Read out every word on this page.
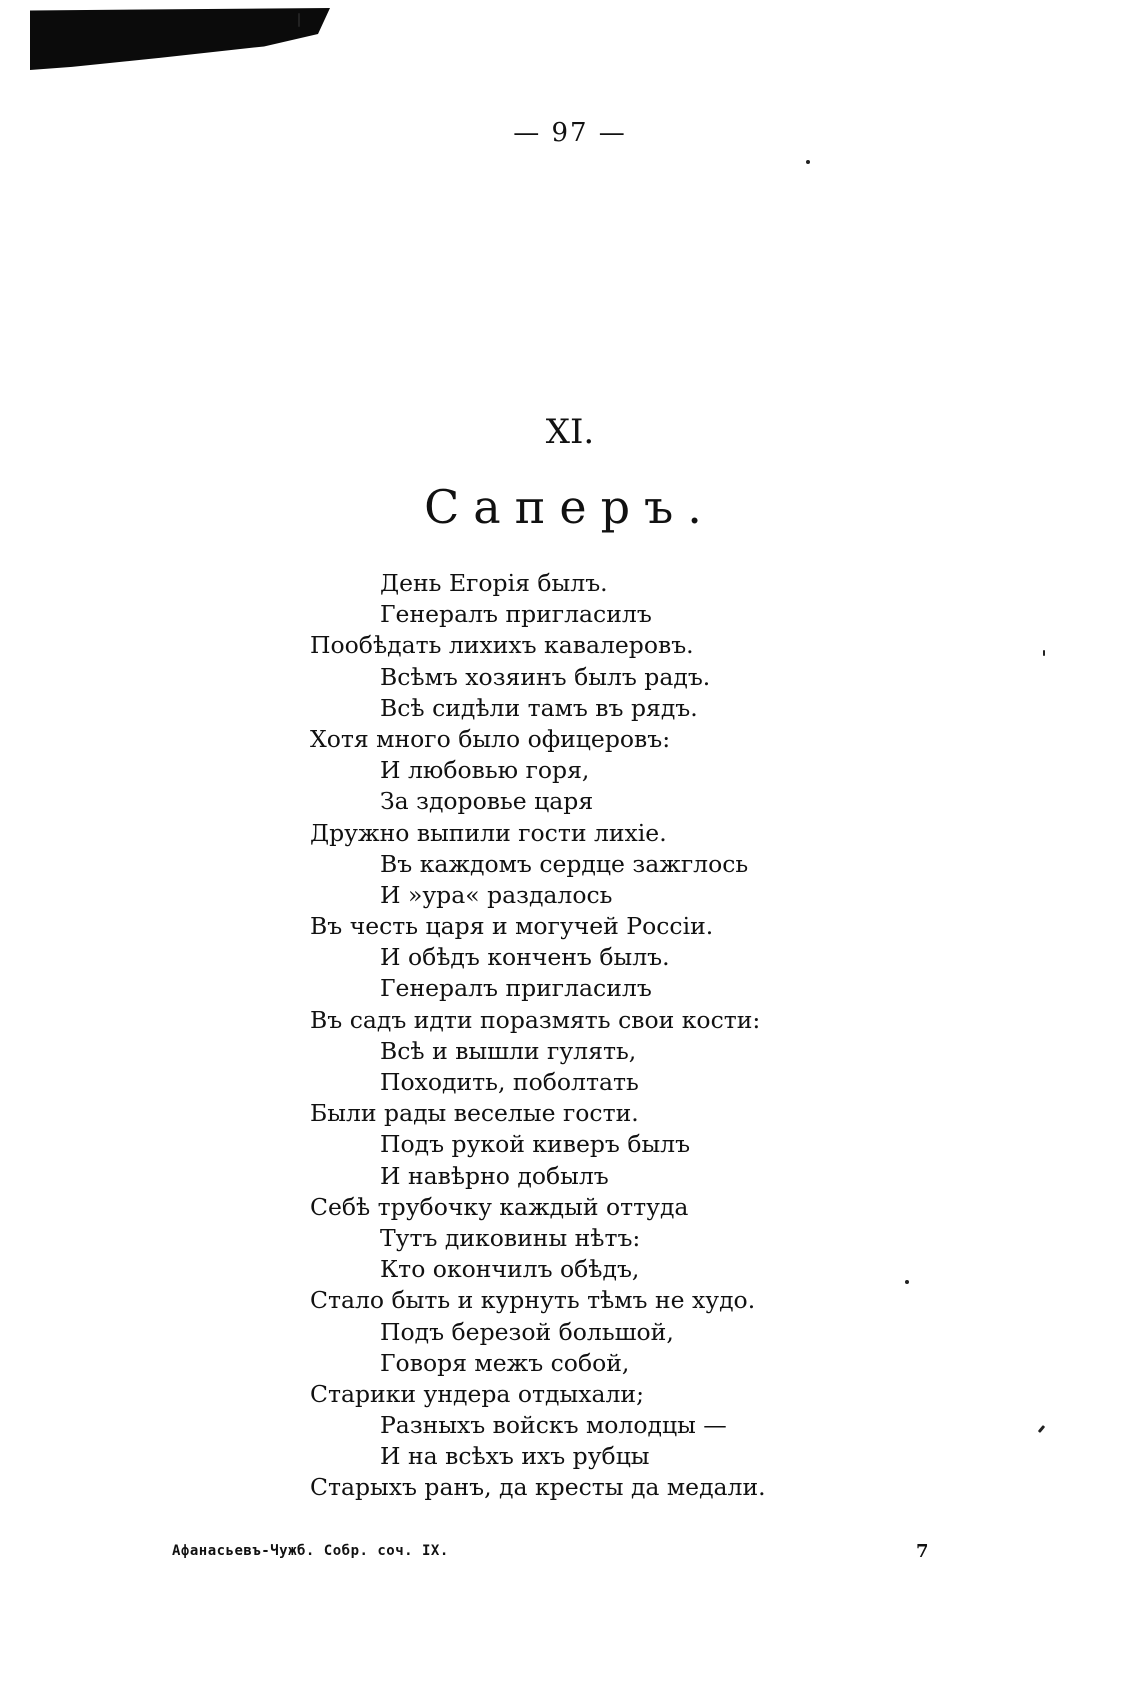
— 97 —
XI.
Саперъ.
День Егорія былъ.
Генералъ пригласилъ
Пообѣдать лихихъ кавалеровъ.
Всѣмъ хозяинъ былъ радъ.
Всѣ сидѣли тамъ въ рядъ.
Хотя много было офицеровъ:
И любовью горя,
За здоровье царя
Дружно выпили гости лихіе.
Въ каждомъ сердце зажглось
И »ура« раздалось
Въ честь царя и могучей Россіи.
И обѣдъ конченъ былъ.
Генералъ пригласилъ
Въ садъ идти поразмять свои кости:
Всѣ и вышли гулять,
Походить, поболтать
Были рады веселые гости.
Подъ рукой киверъ былъ
И навѣрно добылъ
Себѣ трубочку каждый оттуда
Тутъ диковины нѣтъ:
Кто окончилъ обѣдъ,
Стало быть и курнуть тѣмъ не худо.
Подъ березой большой,
Говоря межъ собой,
Старики ундера отдыхали;
Разныхъ войскъ молодцы —
И на всѣхъ ихъ рубцы
Старыхъ ранъ, да кресты да медали.
Афанасьевъ-Чужб. Собр. соч. IX.	7
